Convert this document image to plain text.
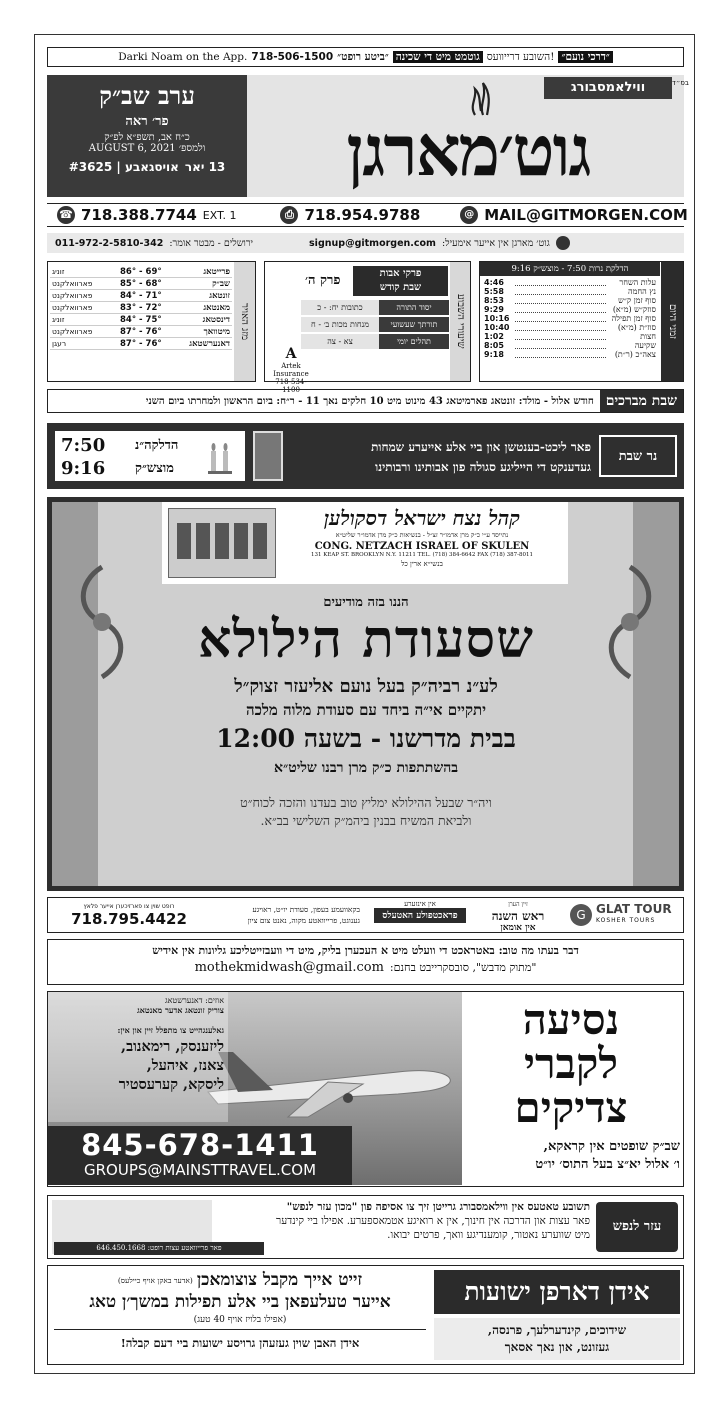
Darki Noam on the App. 718-506-1500 ״ביטע רופט״ גוטמט מיט די שכינה השובע דרייוועס! ״דרכי נועם״
ערב שב״ק
פר׳ ראה
כ״ח אב, תשפ״א לפ״ק
AUGUST 6, 2021 ולמספ׳
13 יאר
#3625 | אויסגאבע
ווילאמסבורג	בס״ד
גוט׳מארגן
☎ 718.388.7744 EXT. 1	⎙ 718.954.9788	@ MAIL@GITMORGEN.COM
011-972-2-5810-342 ירושלים - מבטר אומר:	signup@gitmorgen.com גוט׳ מארגן אין אייער אימעיל:
הדלקת נרות 7:50 - מוצש״ק 9:16
זמני היום
4:46		עלות השחר
5:58		נץ החמה
8:53		סוף זמן ק״ש
9:29		סוזק״ש (מ״א)
10:16		סוף זמן תפילה
10:40		סוז״ת (מ״א)
1:02		חצות
8:05		שקיעה
9:18		צאה״כ (ר״ת)
שיעורי השבוע
פרקי אבות
שבת קודש
פרק ה׳
יסוד התורה
כתובות יח: - כ
תורתך שעשועי
מנחות מכות ב׳ - ח
תהלים יומי
צא - צה
A
Artek Insurance
718-534-1100
מזג האויר
זוניג	86° - 69°	פרייטאג
פארוואלקנט	85° - 68°	שב״ק
פארוואלקנט	84° - 71°	זונטאג
פארוואלקנט	83° - 72°	מאנטאג
זוניג	84° - 75°	דינסטאג
פארוואלקנט	87° - 76°	מיטוואך
רעגן	87° - 76°	דאנערשטאג
שבת מברכים
חודש אלול - מולד: זונטאג פארמיטאג 43 מינוט מיט 10 חלקים נאך 11 - ר״ח: ביום הראשון ולמחרתו ביום השני
7:50 הדלקה״נ
9:16 מוצש״ק
פאר ליכט-בענטשן און ביי אלע אייערע שמחות
געדענקט די הייליגע סגולה פון אבותינו ורבותינו
נר שבת
קהל נצח ישראל דסקולען
נתייסד ע״י כ״ק מרן אדמו״ר זצ״ל - בנשיאות כ״ק מרן אדמו״ר שליט״א
CONG. NETZACH ISRAEL OF SKULEN
131 KEAP ST. BROOKLYN N.Y. 11211 TEL. (718) 384-6642 FAX (718) 387-8011
בנשי״א ארין כל
הננו בזה מודיעים
שסעודת הילולא
לע״נ רביה״ק בעל נועם אליעזר זצוק״ל
יתקיים אי״ה ביחד עם סעודת מלוה מלכה
בבית מדרשנו - בשעה 12:00
בהשתתפות כ״ק מרן רבנו שליט״א
ויה״ר שבעל ההילולא ימליץ טוב בעדנו והזכה לכוח״ט
ולביאת המשיח בבנין ביהמ״ק השלישי בב״א.
רופט שוין צו פארזיכערן אייער פלאץ
718.795.4422	בקאוועמע בעפון, סעודת יו״ט, ראויגע
גענוגט, פרייוואטע מקוה, נאנט צום ציון
אין אינזערע
פראכטפולע האטעלס
זיין הערן
ראש השנה
אין אומאן
G GLAT TOUR
KOSHER TOURS
דבר בעתו מה טוב: באטראכט די וועלט מיט א העכערן בליק, מיט די וועבזייטליכע גליונות אין אידיש
mothekmidwash@gmail.com "מתוק מדבש", סובסקרייבט בחנם:
אוזים: דאנערשטאג
צוריק זונטאג אדער מאנטאג
גאלענגהייט צו מתפלל זיין און אין:
ליזענסק, רימאנוב,
צאנז, איהעל,
ליסקא, קערעסטיר
845-678-1411
GROUPS@MAINSTTRAVEL.COM
נסיעה
לקברי
צדיקים
שב״ק שופטים אין קראקא,
ו׳ אלול יא״צ בעל התוס׳ יו״ט
תשובע טאטעס אין ווילאמסבורג גרייטן זיך צו אסיפה פון "מכון עזר לנפש"
פאר עצות און הדרכה אין חינוך, אין א רואיגע אטמאספערע. אפילו ביי קינדער
מיט שווערע נאטור, קומענדיגע וואך, פרטים יבואו.
פאר פרייוואטע עצות רופט: 646.450.1668
עזר לנפש
אידן דארפן ישועות
שידוכים, קינדערלעך, פרנסה,
געזונט, און נאך אסאך
זייט אייך מקבל צוצומאכן
(אדער באקן אויף כיילעס)
אייער טעלעפאן ביי אלע תפילות במשך׳ן טאג
(אפילו בלויז אויף 40 טעג)
אידן האבן שוין געזעהן גרויסע ישועות ביי דעם קבלה!
